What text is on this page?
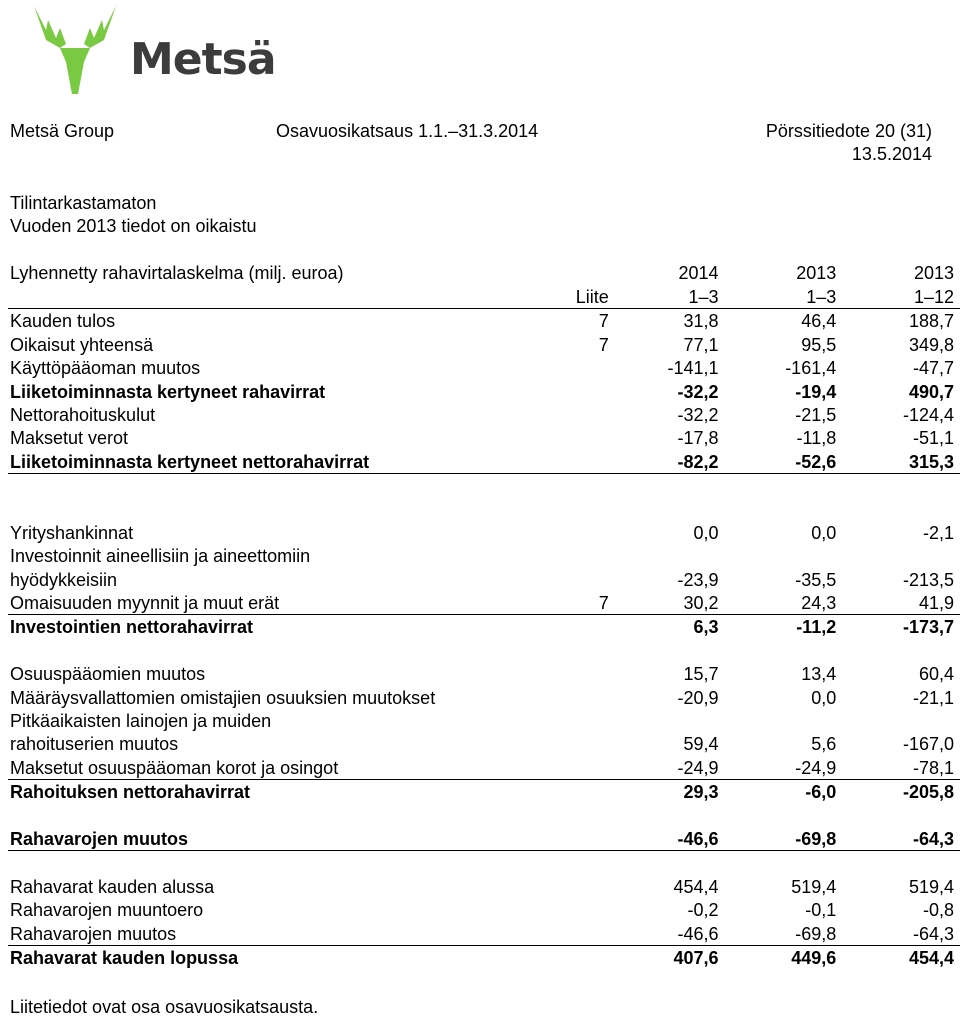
Metsä
Metsä Group	Osavuosikatsaus 1.1.–31.3.2014	Pörssitiedote 20 (31)
13.5.2014
Tilintarkastamaton
Vuoden 2013 tiedot on oikaistu
Lyhennetty rahavirtalaskelma (milj. euroa)		2014	2013	2013
	Liite	1–3	1–3	1–12
Kauden tulos	7	31,8	46,4	188,7
Oikaisut yhteensä	7	77,1	95,5	349,8
Käyttöpääoman muutos		-141,1	-161,4	-47,7
Liiketoiminnasta kertyneet rahavirrat		-32,2	-19,4	490,7
Nettorahoituskulut		-32,2	-21,5	-124,4
Maksetut verot		-17,8	-11,8	-51,1
Liiketoiminnasta kertyneet nettorahavirrat		-82,2	-52,6	315,3

Yrityshankinnat		0,0	0,0	-2,1
Investoinnit aineellisiin ja aineettomiin				
hyödykkeisiin		-23,9	-35,5	-213,5
Omaisuuden myynnit ja muut erät	7	30,2	24,3	41,9
Investointien nettorahavirrat		6,3	-11,2	-173,7

Osuuspääomien muutos		15,7	13,4	60,4
Määräysvallattomien omistajien osuuksien muutokset		-20,9	0,0	-21,1
Pitkäaikaisten lainojen ja muiden				
rahoituserien muutos		59,4	5,6	-167,0
Maksetut osuuspääoman korot ja osingot		-24,9	-24,9	-78,1
Rahoituksen nettorahavirrat		29,3	-6,0	-205,8

Rahavarojen muutos		-46,6	-69,8	-64,3

Rahavarat kauden alussa		454,4	519,4	519,4
Rahavarojen muuntoero		-0,2	-0,1	-0,8
Rahavarojen muutos		-46,6	-69,8	-64,3
Rahavarat kauden lopussa		407,6	449,6	454,4
Liitetiedot ovat osa osavuosikatsausta.
